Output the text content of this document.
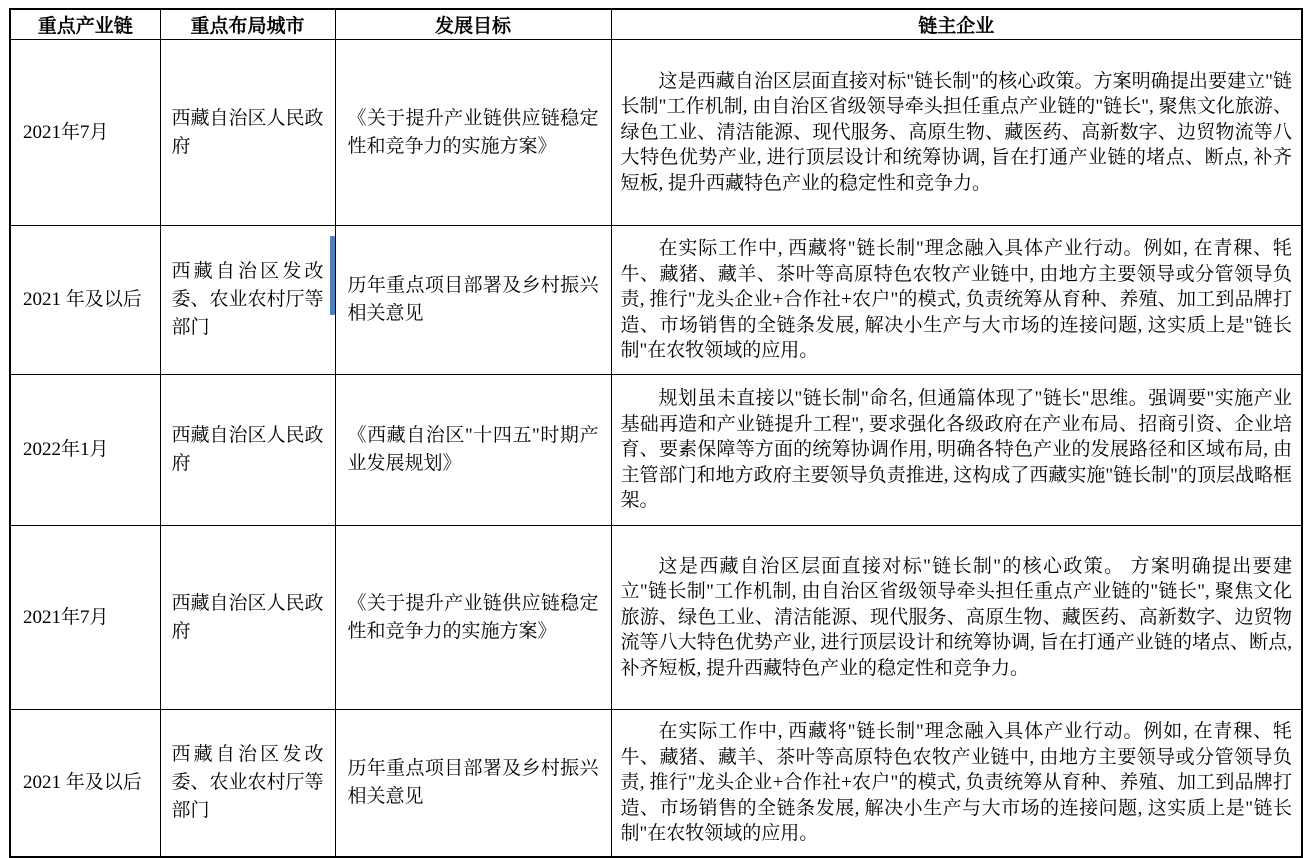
重点产业链	重点布局城市	发展目标	链主企业
2021年7月	西藏自治区人民政府	《关于提升产业链供应链稳定性和竞争力的实施方案》	这是西藏自治区层面直接对标"链长制"的核心政策。方案明确提出要建立"链长制"工作机制, 由自治区省级领导牵头担任重点产业链的"链长", 聚焦文化旅游、绿色工业、清洁能源、现代服务、高原生物、藏医药、高新数字、边贸物流等八大特色优势产业, 进行顶层设计和统筹协调, 旨在打通产业链的堵点、断点, 补齐短板, 提升西藏特色产业的稳定性和竞争力。
2021 年及以后	西藏自治区发改委、农业农村厅等部门	历年重点项目部署及乡村振兴相关意见	在实际工作中, 西藏将"链长制"理念融入具体产业行动。例如, 在青稞、牦牛、藏猪、藏羊、茶叶等高原特色农牧产业链中, 由地方主要领导或分管领导负责, 推行"龙头企业+合作社+农户"的模式, 负责统筹从育种、养殖、加工到品牌打造、市场销售的全链条发展, 解决小生产与大市场的连接问题, 这实质上是"链长制"在农牧领域的应用。
2022年1月	西藏自治区人民政府	《西藏自治区"十四五"时期产业发展规划》	规划虽未直接以"链长制"命名, 但通篇体现了"链长"思维。强调要"实施产业基础再造和产业链提升工程", 要求强化各级政府在产业布局、招商引资、企业培育、要素保障等方面的统筹协调作用, 明确各特色产业的发展路径和区域布局, 由主管部门和地方政府主要领导负责推进, 这构成了西藏实施"链长制"的顶层战略框架。
2021年7月	西藏自治区人民政府	《关于提升产业链供应链稳定性和竞争力的实施方案》	这是西藏自治区层面直接对标"链长制"的核心政策。 方案明确提出要建立"链长制"工作机制, 由自治区省级领导牵头担任重点产业链的"链长", 聚焦文化旅游、绿色工业、清洁能源、现代服务、高原生物、藏医药、高新数字、边贸物流等八大特色优势产业, 进行顶层设计和统筹协调, 旨在打通产业链的堵点、断点, 补齐短板, 提升西藏特色产业的稳定性和竞争力。
2021 年及以后	西藏自治区发改委、农业农村厅等部门	历年重点项目部署及乡村振兴相关意见	在实际工作中, 西藏将"链长制"理念融入具体产业行动。例如, 在青稞、牦牛、藏猪、藏羊、茶叶等高原特色农牧产业链中, 由地方主要领导或分管领导负责, 推行"龙头企业+合作社+农户"的模式, 负责统筹从育种、养殖、加工到品牌打造、市场销售的全链条发展, 解决小生产与大市场的连接问题, 这实质上是"链长制"在农牧领域的应用。
